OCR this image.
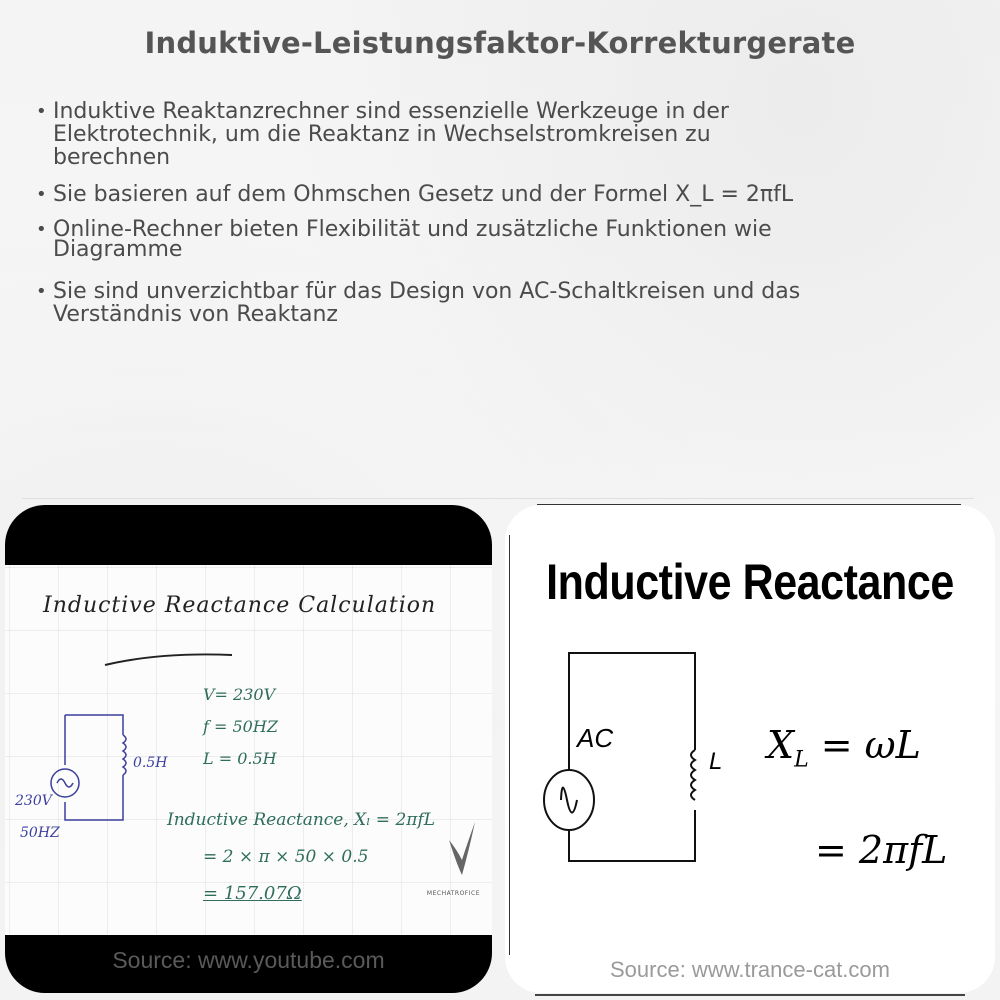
Induktive-Leistungsfaktor-Korrekturgerate
• Induktive Reaktanzrechner sind essenzielle Werkzeuge in der Elektrotechnik, um die Reaktanz in Wechselstromkreisen zu berechnen
• Sie basieren auf dem Ohmschen Gesetz und der Formel X_L = 2πfL
• Online-Rechner bieten Flexibilität und zusätzliche Funktionen wie Diagramme
• Sie sind unverzichtbar für das Design von AC-Schaltkreisen und das Verständnis von Reaktanz
Inductive Reactance Calculation
V= 230V
f = 50HZ
L = 0.5H
0.5H
230V
50HZ
Inductive Reactance, Xₗ = 2πfL
= 2 × π × 50 × 0.5
= 157.07Ω	MECHATROFICE
Source: www.youtube.com
Inductive Reactance
AC
L $X_L = \omega L$
= 2πfL
Source: www.trance-cat.com
